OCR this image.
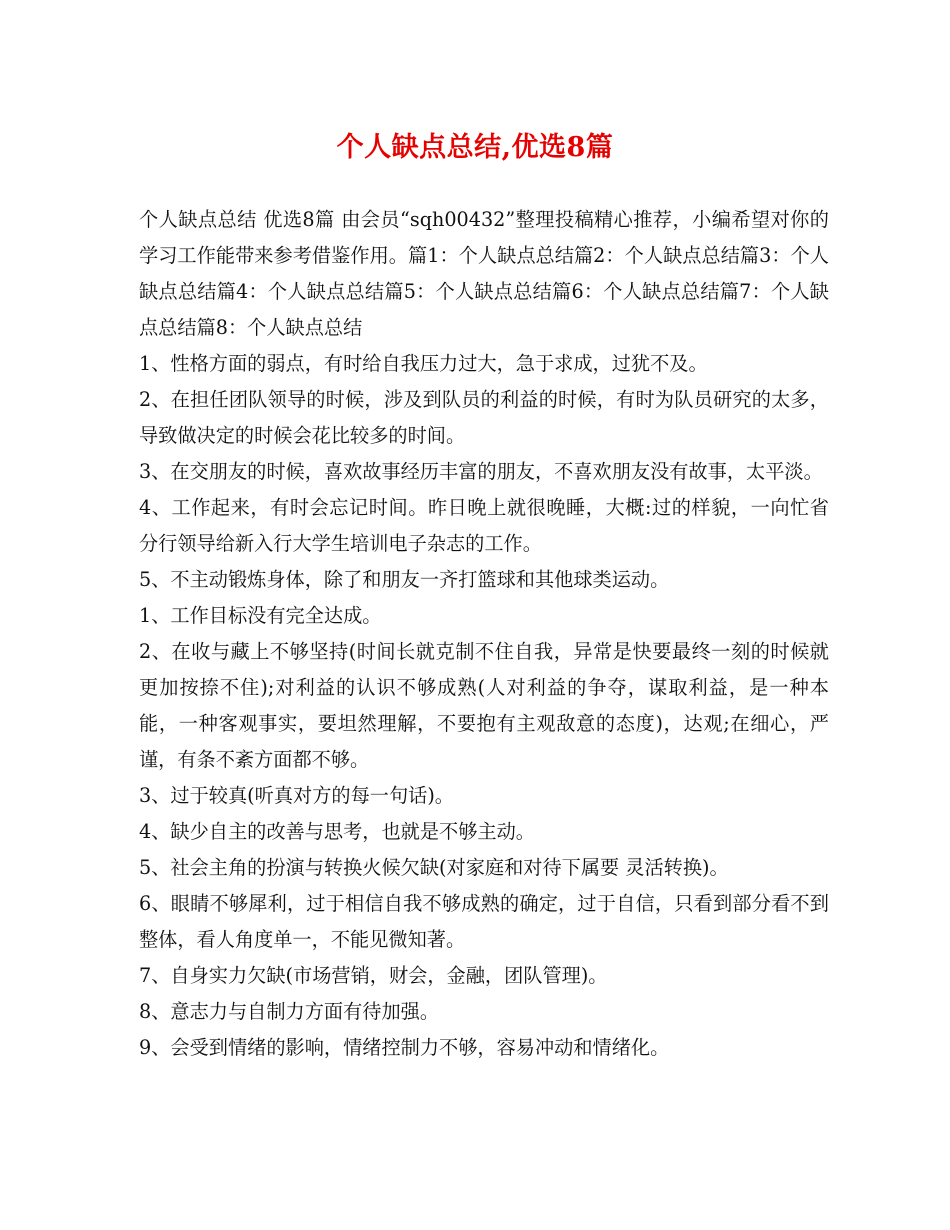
个人缺点总结,优选8篇

个人缺点总结 优选8篇 由会员“sqh00432”整理投稿精心推荐，小编希望对你的学习工作能带来参考借鉴作用。篇1：个人缺点总结篇2：个人缺点总结篇3：个人缺点总结篇4：个人缺点总结篇5：个人缺点总结篇6：个人缺点总结篇7：个人缺点总结篇8：个人缺点总结

1、性格方面的弱点，有时给自我压力过大，急于求成，过犹不及。

2、在担任团队领导的时候，涉及到队员的利益的时候，有时为队员研究的太多，导致做决定的时候会花比较多的时间。

3、在交朋友的时候，喜欢故事经历丰富的朋友，不喜欢朋友没有故事，太平淡。

4、工作起来，有时会忘记时间。昨日晚上就很晚睡，大概:过的样貌，一向忙省分行领导给新入行大学生培训电子杂志的工作。

5、不主动锻炼身体，除了和朋友一齐打篮球和其他球类运动。

1、工作目标没有完全达成。

2、在收与藏上不够坚持(时间长就克制不住自我，异常是快要最终一刻的时候就更加按捺不住);对利益的认识不够成熟(人对利益的争夺，谋取利益，是一种本能，一种客观事实，要坦然理解，不要抱有主观敌意的态度)，达观;在细心，严谨，有条不紊方面都不够。

3、过于较真(听真对方的每一句话)。

4、缺少自主的改善与思考，也就是不够主动。

5、社会主角的扮演与转换火候欠缺(对家庭和对待下属要 灵活转换)。

6、眼睛不够犀利，过于相信自我不够成熟的确定，过于自信，只看到部分看不到整体，看人角度单一，不能见微知著。

7、自身实力欠缺(市场营销，财会，金融，团队管理)。

8、意志力与自制力方面有待加强。

9、会受到情绪的影响，情绪控制力不够，容易冲动和情绪化。
